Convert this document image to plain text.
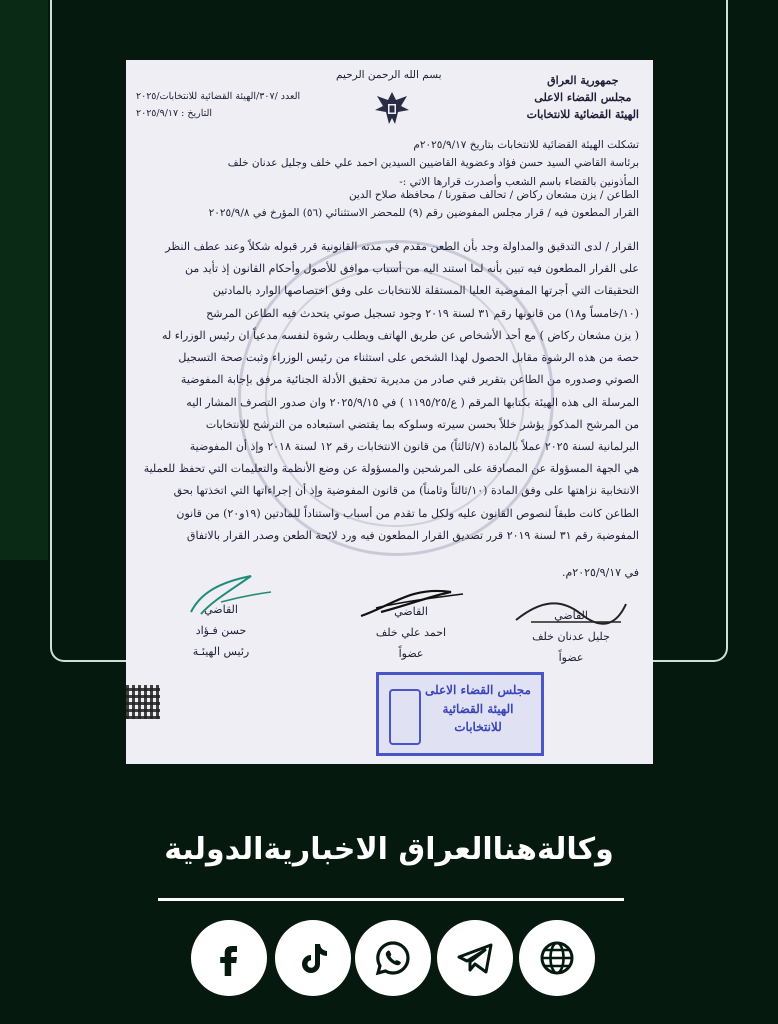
بسم الله الرحمن الرحيم	جمهورية العراق
مجلس القضاء الاعلى
الهيئة القضائية للانتخابات
العدد /٣٠٧/الهيئة القضائية للانتخابات/٢٠٢٥
التاريخ : ٢٠٢٥/٩/١٧
تشكلت الهيئة القضائية للانتخابات بتاريخ ٢٠٢٥/٩/١٧م
برئاسة القاضي السيد حسن فؤاد وعضوية القاضيين السيدين احمد علي خلف وجليل عدنان خلف
المأذونين بالقضاء باسم الشعب وأصدرت قرارها الاتي :-
الطاعن / يزن مشعان ركاض / تحالف صقورنا / محافظة صلاح الدين
القرار المطعون فيه / قرار مجلس المفوضين رقم (٩) للمحضر الاستثنائي (٥٦) المؤرخ في ٢٠٢٥/٩/٨
القرار / لدى التدقيق والمداولة وجد بأن الطعن مقدم في مدته القانونية قرر قبوله شكلاً وعند عطف النظر
على القرار المطعون فيه تبين بأنه لما استند اليه من أسباب موافق للأصول وأحكام القانون إذ تأيد من
التحقيقات التي أجرتها المفوضية العليا المستقلة للانتخابات على وفق اختصاصها الوارد بالمادتين
(١٠/خامساً و١٨) من قانونها رقم ٣١ لسنة ٢٠١٩ وجود تسجيل صوتي يتحدث فيه الطاعن المرشح
( يزن مشعان ركاض ) مع أحد الأشخاص عن طريق الهاتف ويطلب رشوة لنفسه مدعياً ان رئيس الوزراء له
حصة من هذه الرشوة مقابل الحصول لهذا الشخص على استثناء من رئيس الوزراء وثبت صحة التسجيل
الصوتي وصدوره من الطاعن بتقرير فني صادر من مديرية تحقيق الأدلة الجنائية مرفق بإجابة المفوضية
المرسلة الى هذه الهيئة بكتابها المرقم ( ع/١١٩٥/٢٥ ) في ٢٠٢٥/٩/١٥ وان صدور التصرف المشار اليه
من المرشح المذكور يؤشر خللاً بحسن سيرته وسلوكه بما يقتضي استبعاده من الترشح للانتخابات
البرلمانية لسنة ٢٠٢٥ عملاً بالمادة (٧/ثالثاً) من قانون الانتخابات رقم ١٢ لسنة ٢٠١٨ وإذ أن المفوضية
هي الجهة المسؤولة عن المصادقة على المرشحين والمسؤولة عن وضع الأنظمة والتعليمات التي تحفظ للعملية
الانتخابية نزاهتها على وفق المادة (١٠/ثالثاً وثامناً) من قانون المفوضية وإذ أن إجراءاتها التي اتخذتها بحق
الطاعن كانت طبقاً لنصوص القانون عليه ولكل ما تقدم من أسباب واستناداً للمادتين (١٩و٢٠) من قانون
المفوضية رقم ٣١ لسنة ٢٠١٩ قرر تصديق القرار المطعون فيه ورد لائحة الطعن وصدر القرار بالاتفاق
في ٢٠٢٥/٩/١٧م.
القاضي
جليل عدنان خلف
عضواً
القاضي
احمد علي خلف
عضواً
القاضي
حسن فـؤاد
رئيس الهيئـة
مجلس القضاء الاعلى
الهيئة القضائية
للانتخابات
وكالةهناالعراق الاخباريةالدولية
